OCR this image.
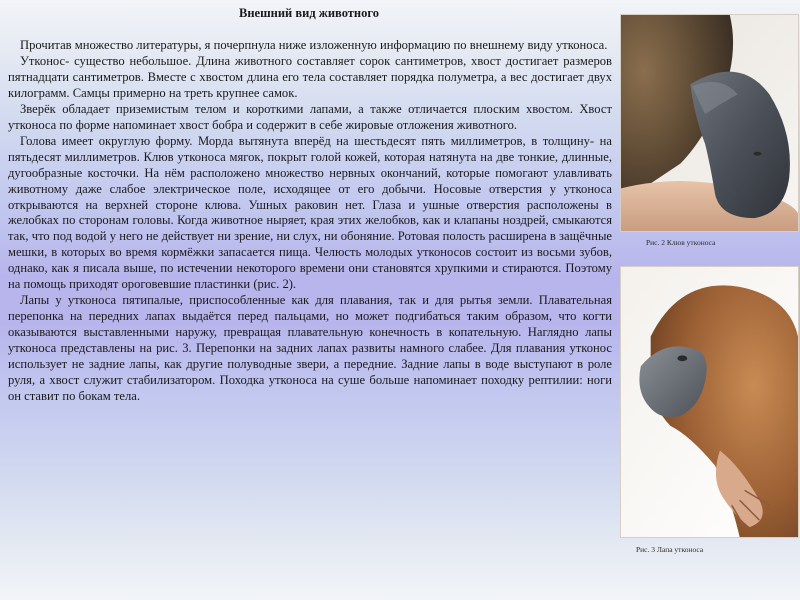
Внешний вид животного

Прочитав множество литературы, я почерпнула ниже изложенную информацию по внешнему виду утконоса.

Утконос- существо небольшое. Длина животного составляет сорок сантиметров, хвост достигает размеров пятнадцати сантиметров. Вместе с хвостом длина его тела составляет порядка полуметра, а вес достигает двух килограмм. Самцы примерно на треть крупнее самок.

Зверёк обладает приземистым телом и короткими лапами, а также отличается плоским хвостом. Хвост утконоса по форме напоминает хвост бобра и содержит в себе жировые отложения животного.

Голова имеет округлую форму. Морда вытянута вперёд на шестьдесят пять миллиметров, в толщину- на пятьдесят миллиметров. Клюв утконоса мягок, покрыт голой кожей, которая натянута на две тонкие, длинные, дугообразные косточки. На нём расположено множество нервных окончаний, которые помогают улавливать животному даже слабое электрическое поле, исходящее от его добычи. Носовые отверстия у утконоса открываются на верхней стороне клюва. Ушных раковин нет. Глаза и ушные отверстия расположены в желобках по сторонам головы. Когда животное ныряет, края этих желобков, как и клапаны ноздрей, смыкаются так, что под водой у него не действует ни зрение, ни слух, ни обоняние. Ротовая полость расширена в защёчные мешки, в которых во время кормёжки запасается пища. Челюсть молодых утконосов состоит из восьми зубов, однако, как я писала выше, по истечении некоторого времени они становятся хрупкими и стираются. Поэтому на помощь приходят ороговевшие пластинки (рис. 2).

Лапы у утконоса пятипалые, приспособленные как для плавания, так и для рытья земли. Плавательная перепонка на передних лапах выдаётся перед пальцами, но может подгибаться таким образом, что когти оказываются выставленными наружу, превращая плавательную конечность в копательную. Наглядно лапы утконоса представлены на рис. 3. Перепонки на задних лапах развиты намного слабее. Для плавания утконос использует не задние лапы, как другие полуводные звери, а передние. Задние лапы в воде выступают в роле руля, а хвост служит стабилизатором. Походка утконоса на суше больше напоминает походку рептилии: ноги он ставит по бокам тела.

Рис. 2 Клюв утконоса
Рис. 3 Лапа утконоса
